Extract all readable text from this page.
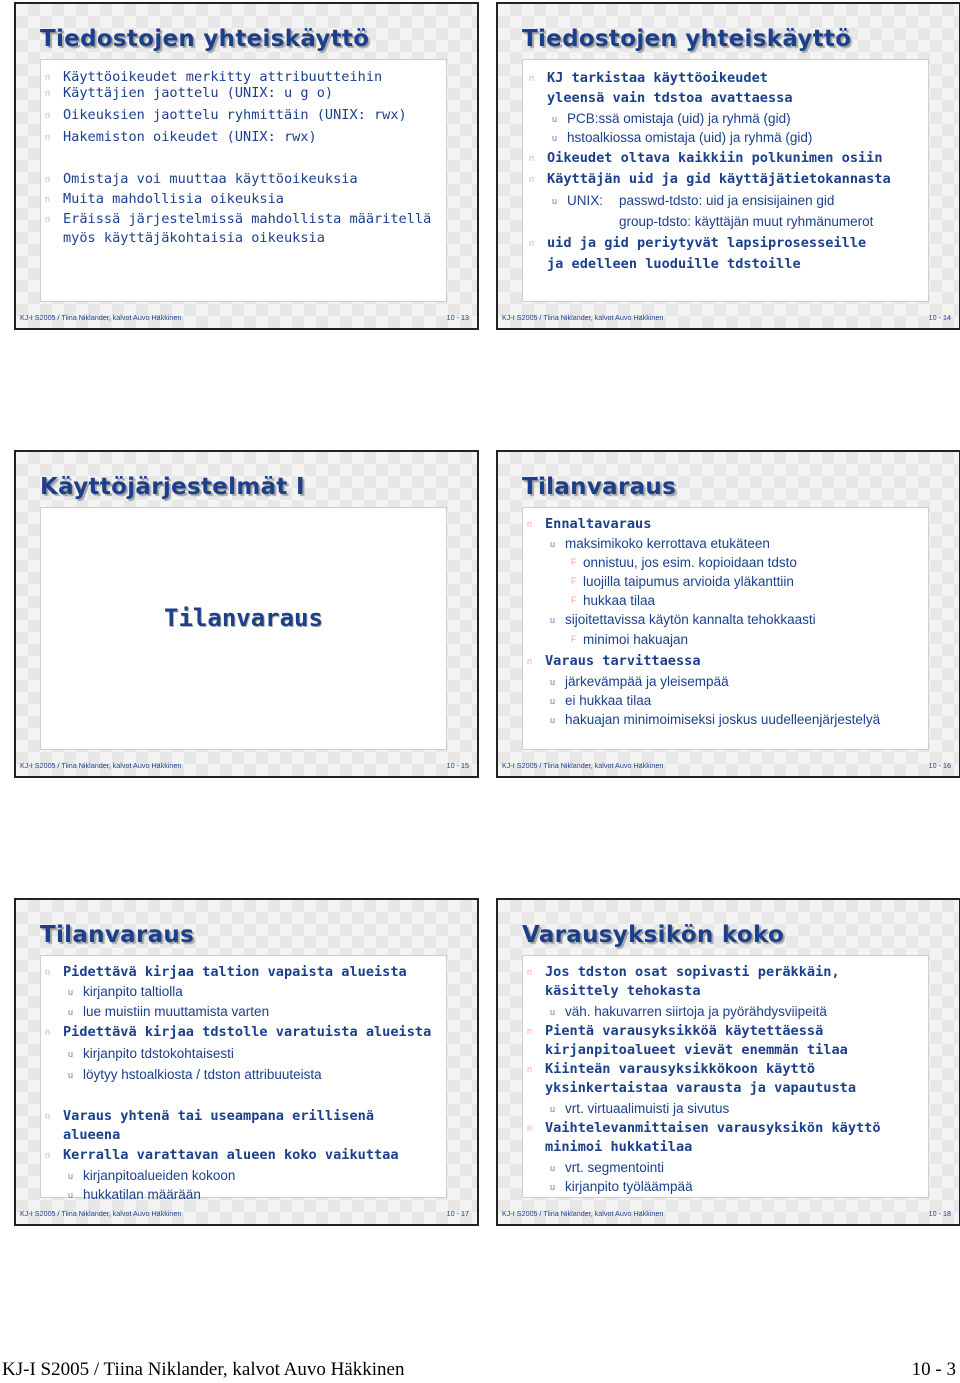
Tiedostojen yhteiskäyttö
n Käyttöoikeudet merkitty attribuutteihin
n Käyttäjien jaottelu (UNIX: u g o)
n Oikeuksien jaottelu ryhmittäin (UNIX: rwx)
n Hakemiston oikeudet (UNIX: rwx)
n Omistaja voi muuttaa käyttöoikeuksia
n Muita mahdollisia oikeuksia
n Eräissä järjestelmissä mahdollista määritellä
myös käyttäjäkohtaisia oikeuksia
KJ-I S2005 / Tiina Niklander, kalvot Auvo Häkkinen	10 - 13
Tiedostojen yhteiskäyttö
n KJ tarkistaa käyttöoikeudet
yleensä vain tdstoa avattaessa
u PCB:ssä omistaja (uid) ja ryhmä (gid)
u hstoalkiossa omistaja (uid) ja ryhmä (gid)
n Oikeudet oltava kaikkiin polkunimen osiin
n Käyttäjän uid ja gid käyttäjätietokannasta
u UNIX: passwd-tdsto: uid ja ensisijainen gid
group-tdsto: käyttäjän muut ryhmänumerot
n uid ja gid periytyvät lapsiprosesseille
ja edelleen luoduille tdstoille
KJ-I S2005 / Tiina Niklander, kalvot Auvo Häkkinen	10 - 14
Käyttöjärjestelmät I
Tilanvaraus
KJ-I S2005 / Tiina Niklander, kalvot Auvo Häkkinen	10 - 15
Tilanvaraus
n Ennaltavaraus
u maksimikoko kerrottava etukäteen
F onnistuu, jos esim. kopioidaan tdsto
F luojilla taipumus arvioida yläkanttiin
F hukkaa tilaa
u sijoitettavissa käytön kannalta tehokkaasti
F minimoi hakuajan
n Varaus tarvittaessa
u järkevämpää ja yleisempää
u ei hukkaa tilaa
u hakuajan minimoimiseksi joskus uudelleenjärjestelyä
KJ-I S2005 / Tiina Niklander, kalvot Auvo Häkkinen	10 - 16
Tilanvaraus
n Pidettävä kirjaa taltion vapaista alueista
u kirjanpito taltiolla
u lue muistiin muuttamista varten
n Pidettävä kirjaa tdstolle varatuista alueista
u kirjanpito tdstokohtaisesti
u löytyy hstoalkiosta / tdston attribuuteista
n Varaus yhtenä tai useampana erillisenä
alueena
n Kerralla varattavan alueen koko vaikuttaa
u kirjanpitoalueiden kokoon
u hukkatilan määrään
KJ-I S2005 / Tiina Niklander, kalvot Auvo Häkkinen	10 - 17
Varausyksikön koko
n Jos tdston osat sopivasti peräkkäin,
käsittely tehokasta
u väh. hakuvarren siirtoja ja pyörähdysviipeitä
n Pientä varausyksikköä käytettäessä
kirjanpitoalueet vievät enemmän tilaa
n Kiinteän varausyksikkökoon käyttö
yksinkertaistaa varausta ja vapautusta
u vrt. virtuaalimuisti ja sivutus
n Vaihtelevanmittaisen varausyksikön käyttö
minimoi hukkatilaa
u vrt. segmentointi
u kirjanpito työläämpää
KJ-I S2005 / Tiina Niklander, kalvot Auvo Häkkinen	10 - 18
KJ-I S2005 / Tiina Niklander, kalvot Auvo Häkkinen	10 - 3
